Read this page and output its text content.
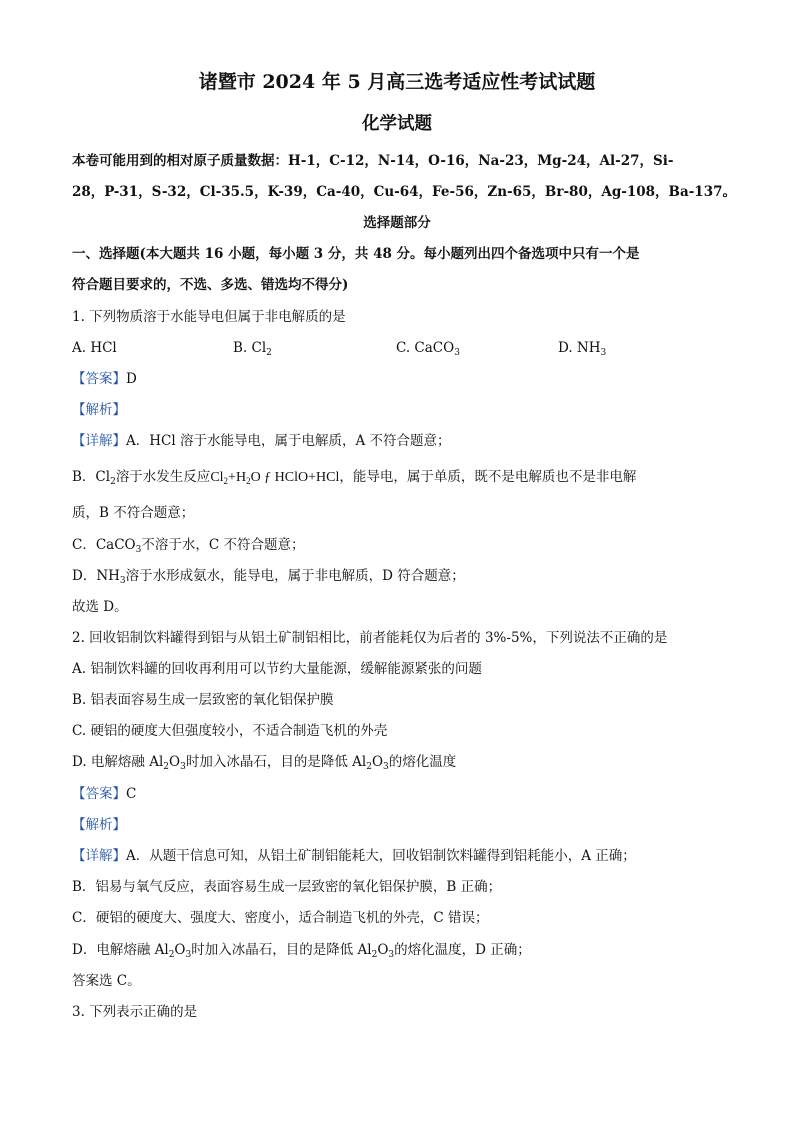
诸暨市 2024 年 5 月高三选考适应性考试试题
化学试题
本卷可能用到的相对原子质量数据：H-1，C-12，N-14，O-16，Na-23，Mg-24，Al-27，Si-
28，P-31，S-32，Cl-35.5，K-39，Ca-40，Cu-64，Fe-56，Zn-65，Br-80，Ag-108，Ba-137。
选择题部分
一、选择题(本大题共 16 小题，每小题 3 分，共 48 分。每小题列出四个备选项中只有一个是
符合题目要求的，不选、多选、错选均不得分)
1. 下列物质溶于水能导电但属于非电解质的是
A. HCl	B. $Cl_2$	C. CaCO$_3$	D. $NH_3$
【答案】D
【解析】
【详解】A．HCl 溶于水能导电，属于电解质，A 不符合题意；
B．$Cl_2$溶于水发生反应$Cl_2+H_2O$ ƒ HClO+HCl，能导电，属于单质，既不是电解质也不是非电解
质，B 不符合题意；
C．CaCO$_3$不溶于水，C 不符合题意；
D．$NH_3$溶于水形成氨水，能导电，属于非电解质，D 符合题意；
故选 D。
2. 回收铝制饮料罐得到铝与从铝土矿制铝相比，前者能耗仅为后者的 3%-5%，下列说法不正确的是
A. 铝制饮料罐的回收再利用可以节约大量能源，缓解能源紧张的问题
B. 铝表面容易生成一层致密的氧化铝保护膜
C. 硬铝的硬度大但强度较小，不适合制造飞机的外壳
D. 电解熔融 $Al_2O_3$时加入冰晶石，目的是降低 $Al_2O_3$的熔化温度
【答案】C
【解析】
【详解】A．从题干信息可知，从铝土矿制铝能耗大，回收铝制饮料罐得到铝耗能小，A 正确；
B．铝易与氧气反应，表面容易生成一层致密的氧化铝保护膜，B 正确；
C．硬铝的硬度大、强度大、密度小，适合制造飞机的外壳，C 错误；
D．电解熔融 $Al_2O_3$时加入冰晶石，目的是降低 $Al_2O_3$的熔化温度，D 正确；
答案选 C。
3. 下列表示正确的是
